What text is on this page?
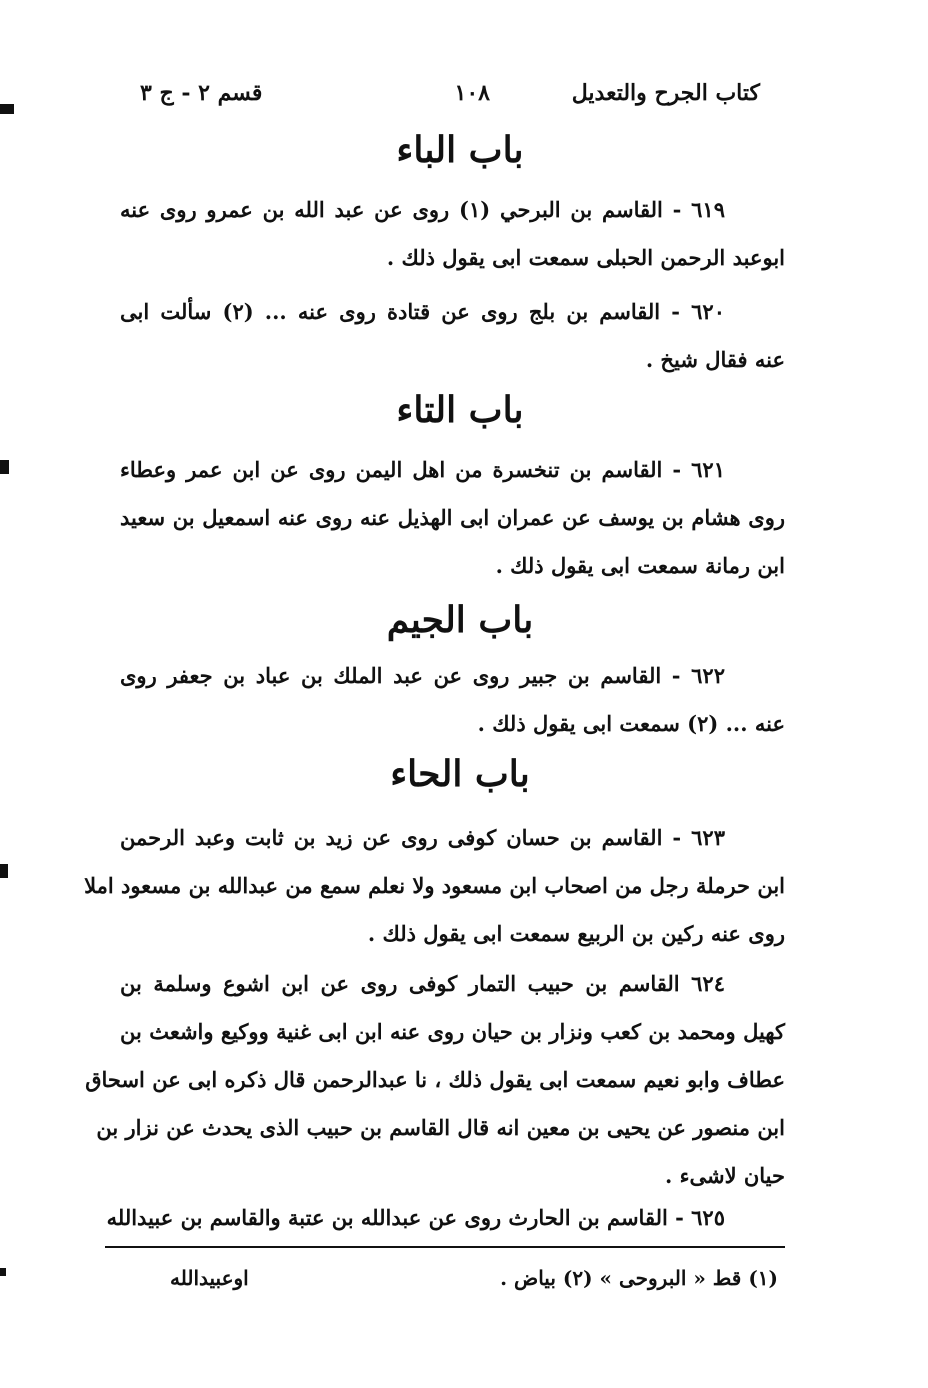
كتاب الجرح والتعديل
١٠٨
قسم ٢ - ج ٣
باب الباء
٦١٩ - القاسم بن البرحي (١) روى عن عبد الله بن عمرو روى عنه
ابوعبد الرحمن الحبلى سمعت ابى يقول ذلك .
٦٢٠ - القاسم بن بلج روى عن قتادة روى عنه ... (٢) سألت ابى
عنه فقال شيخ .
باب التاء
٦٢١ - القاسم بن تنخسرة من اهل اليمن روى عن ابن عمر وعطاء
روى هشام بن يوسف عن عمران ابى الهذيل عنه روى عنه اسمعيل بن سعيد
ابن رمانة سمعت ابى يقول ذلك .
باب الجيم
٦٢٢ - القاسم بن جبير روى عن عبد الملك بن عباد بن جعفر روى
عنه ... (٢) سمعت ابى يقول ذلك .
باب الحاء
٦٢٣ - القاسم بن حسان كوفى روى عن زيد بن ثابت وعبد الرحمن
ابن حرملة رجل من اصحاب ابن مسعود ولا نعلم سمع من عبدالله بن مسعود املا
روى عنه ركين بن الربيع سمعت ابى يقول ذلك .
٦٢٤ القاسم بن حبيب التمار كوفى روى عن ابن اشوع وسلمة بن
كهيل ومحمد بن كعب ونزار بن حيان روى عنه ابن ابى غنية ووكيع واشعث بن
عطاف وابو نعيم سمعت ابى يقول ذلك ، نا عبدالرحمن قال ذكره ابى عن اسحاق
ابن منصور عن يحيى بن معين انه قال القاسم بن حبيب الذى يحدث عن نزار بن
حيان لاشىء .
٦٢٥ - القاسم بن الحارث روى عن عبدالله بن عتبة والقاسم بن عبيدالله
(١) قط « البروحى » (٢) بياض .
اوعبيدالله
